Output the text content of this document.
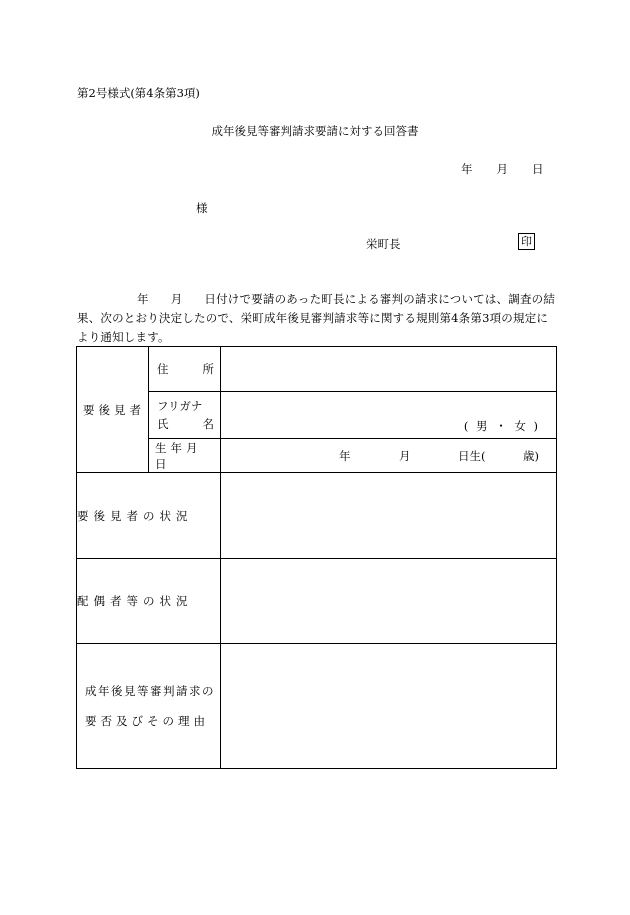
第2号様式(第4条第3項)
成年後見等審判請求要請に対する回答書
年 月 日
様
栄町長	印
年 月 日付けで要請のあった町長による審判の請求については、調査の結果、次のとおり決定したので、栄町成年後見審判請求等に関する規則第4条第3項の規定により通知します。
要後見者	住 所	

	フリガナ
氏 名	( 男 ・ 女 )

生年月日	年 月 日生( 歳)

要後見者の状況		
配偶者等の状況		

成年後見等審判請求の
要否及びその理由		
